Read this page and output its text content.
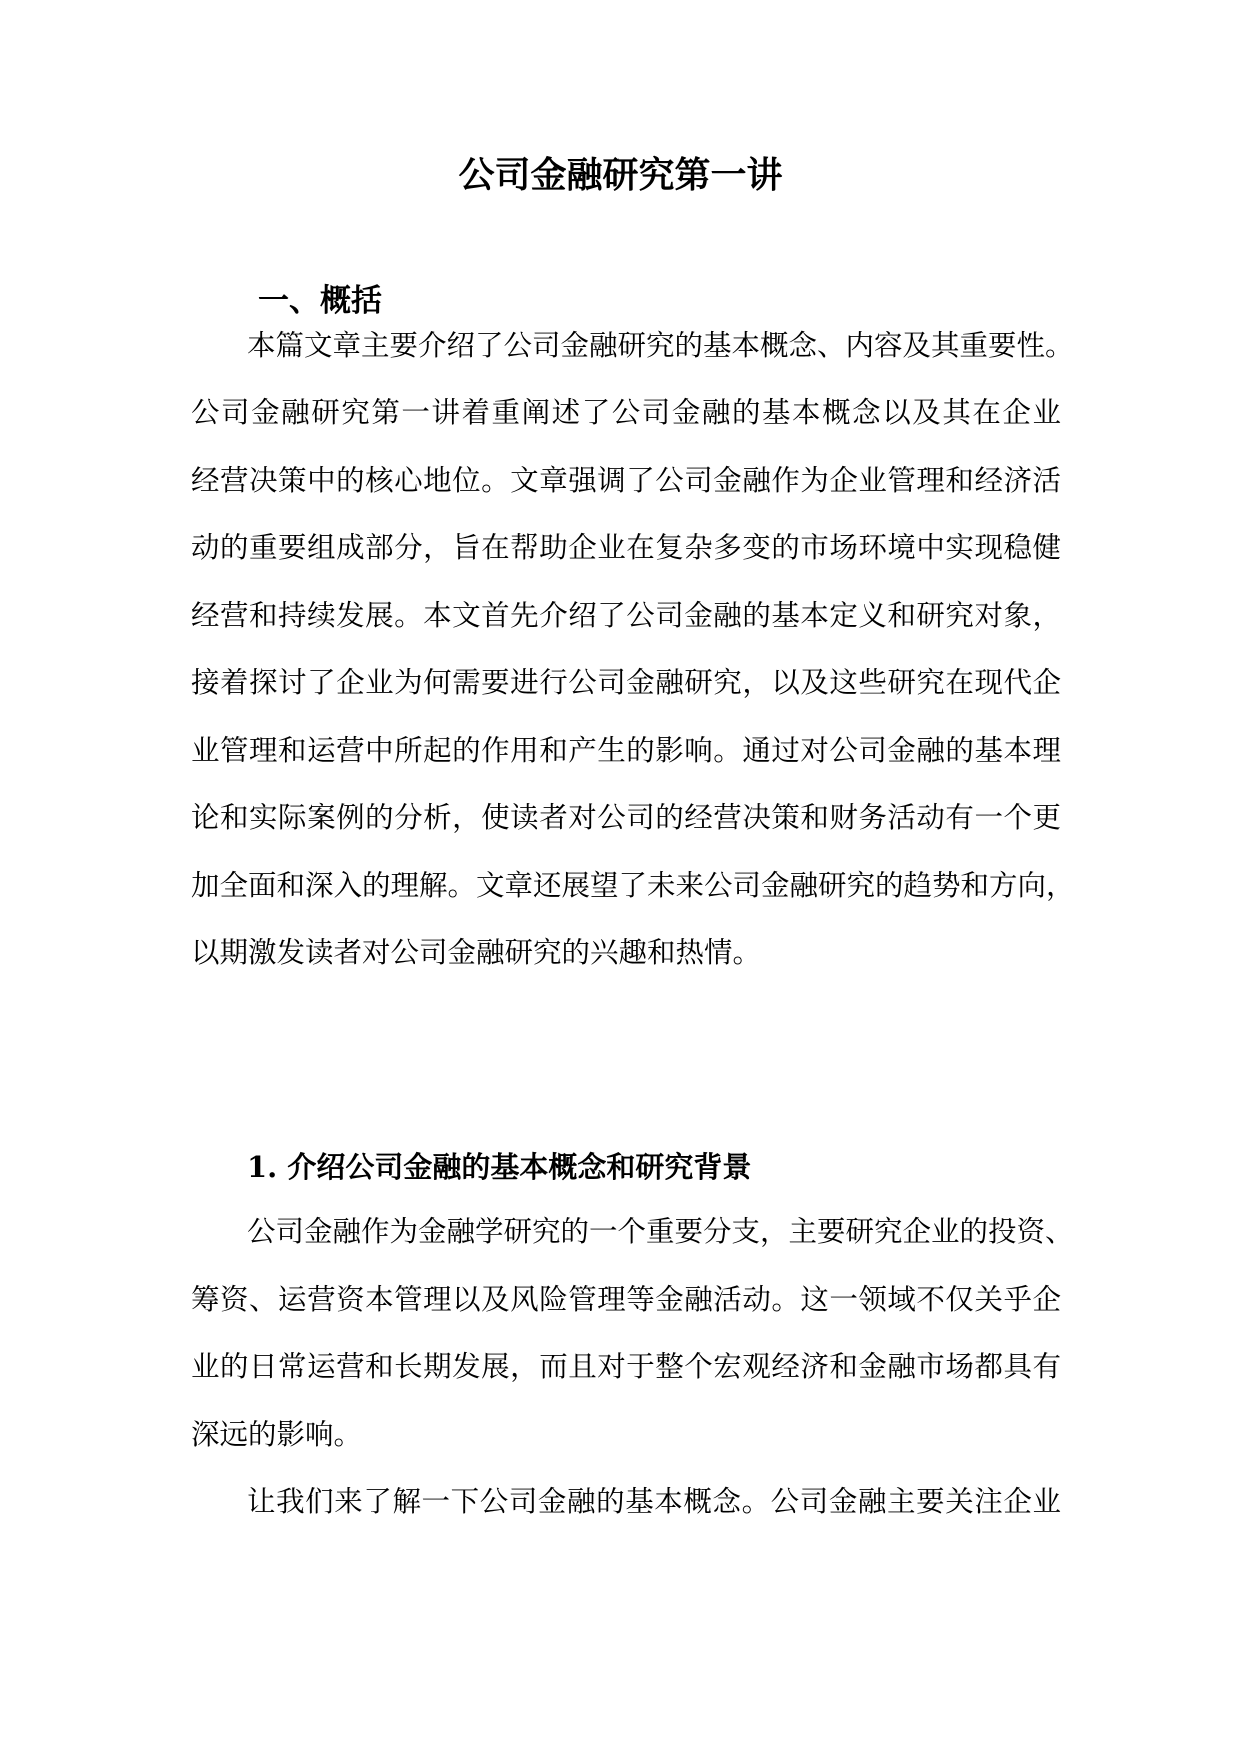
公司金融研究第一讲
一、概括
本篇文章主要介绍了公司金融研究的基本概念、内容及其重要性。
公司金融研究第一讲着重阐述了公司金融的基本概念以及其在企业
经营决策中的核心地位。文章强调了公司金融作为企业管理和经济活
动的重要组成部分，旨在帮助企业在复杂多变的市场环境中实现稳健
经营和持续发展。本文首先介绍了公司金融的基本定义和研究对象，
接着探讨了企业为何需要进行公司金融研究，以及这些研究在现代企
业管理和运营中所起的作用和产生的影响。通过对公司金融的基本理
论和实际案例的分析，使读者对公司的经营决策和财务活动有一个更
加全面和深入的理解。文章还展望了未来公司金融研究的趋势和方向，
以期激发读者对公司金融研究的兴趣和热情。
1. 介绍公司金融的基本概念和研究背景
公司金融作为金融学研究的一个重要分支，主要研究企业的投资、
筹资、运营资本管理以及风险管理等金融活动。这一领域不仅关乎企
业的日常运营和长期发展，而且对于整个宏观经济和金融市场都具有
深远的影响。
让我们来了解一下公司金融的基本概念。公司金融主要关注企业
